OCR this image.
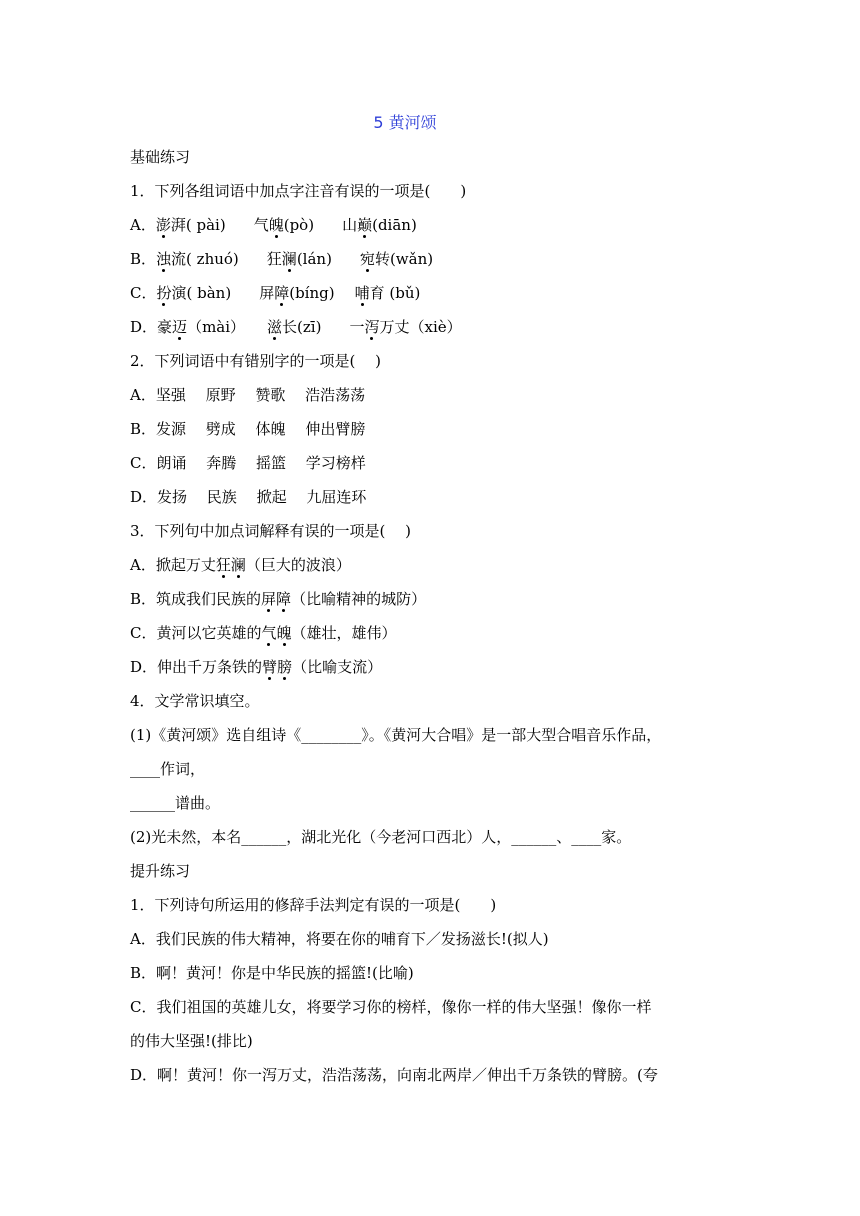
5 黄河颂
基础练习
1．下列各组词语中加点字注音有误的一项是(　　)
A．澎湃( pài) 气魄(pò) 山巅(diān)
B．浊流( zhuó) 狂澜(lán) 宛转(wǎn)
C．扮演( bàn) 屏障(bíng) 哺育 (bǔ)
D．豪迈（mài） 滋长(zī) 一泻万丈（xiè）
2．下列词语中有错别字的一项是(　 )
A．坚强　 原野　 赞歌　 浩浩荡荡
B．发源　 劈成　 体魄　 伸出臂膀
C．朗诵　 奔腾　 摇篮　 学习榜样
D．发扬　 民族　 掀起　 九屈连环
3．下列句中加点词解释有误的一项是(　 )
A．掀起万丈狂澜（巨大的波浪）
B．筑成我们民族的屏障（比喻精神的城防）
C．黄河以它英雄的气魄（雄壮，雄伟）
D．伸出千万条铁的臂膀（比喻支流）
4．文学常识填空。
(1)《黄河颂》选自组诗《________》。《黄河大合唱》是一部大型合唱音乐作品，
____作词，
______谱曲。
(2)光未然，本名______，湖北光化（今老河口西北）人，______、____家。
提升练习
1．下列诗句所运用的修辞手法判定有误的一项是(　　)
A．我们民族的伟大精神，将要在你的哺育下／发扬滋长!(拟人)
B．啊！黄河！你是中华民族的摇篮!(比喻)
C．我们祖国的英雄儿女，将要学习你的榜样，像你一样的伟大坚强！像你一样
的伟大坚强!(排比)
D．啊！黄河！你一泻万丈，浩浩荡荡，向南北两岸／伸出千万条铁的臂膀。(夸
